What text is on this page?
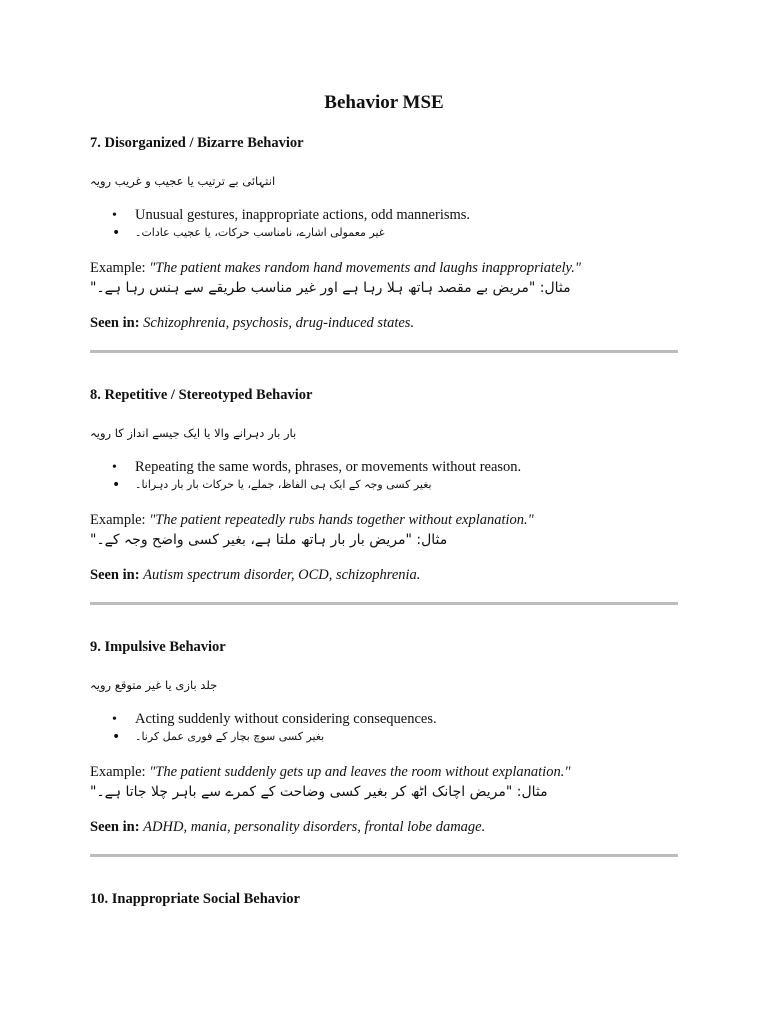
Behavior MSE

7. Disorganized / Bizarre Behavior

انتہائی بے ترتیب یا عجیب و غریب رویہ
• Unusual gestures, inappropriate actions, odd mannerisms.
• غیر معمولی اشارے، نامناسب حرکات، یا عجیب عادات۔
Example: "The patient makes random hand movements and laughs inappropriately."
مثال: "مریض بے مقصد ہاتھ ہلا رہا ہے اور غیر مناسب طریقے سے ہنس رہا ہے۔"
Seen in: Schizophrenia, psychosis, drug-induced states.

8. Repetitive / Stereotyped Behavior

بار بار دہرانے والا یا ایک جیسے انداز کا رویہ
• Repeating the same words, phrases, or movements without reason.
• بغیر کسی وجہ کے ایک ہی الفاظ، جملے، یا حرکات بار بار دہرانا۔
Example: "The patient repeatedly rubs hands together without explanation."
مثال: "مریض بار بار ہاتھ ملتا ہے، بغیر کسی واضح وجہ کے۔"
Seen in: Autism spectrum disorder, OCD, schizophrenia.

9. Impulsive Behavior

جلد بازی یا غیر متوقع رویہ
• Acting suddenly without considering consequences.
• بغیر کسی سوچ بچار کے فوری عمل کرنا۔
Example: "The patient suddenly gets up and leaves the room without explanation."
مثال: "مریض اچانک اٹھ کر بغیر کسی وضاحت کے کمرے سے باہر چلا جاتا ہے۔"
Seen in: ADHD, mania, personality disorders, frontal lobe damage.

10. Inappropriate Social Behavior
